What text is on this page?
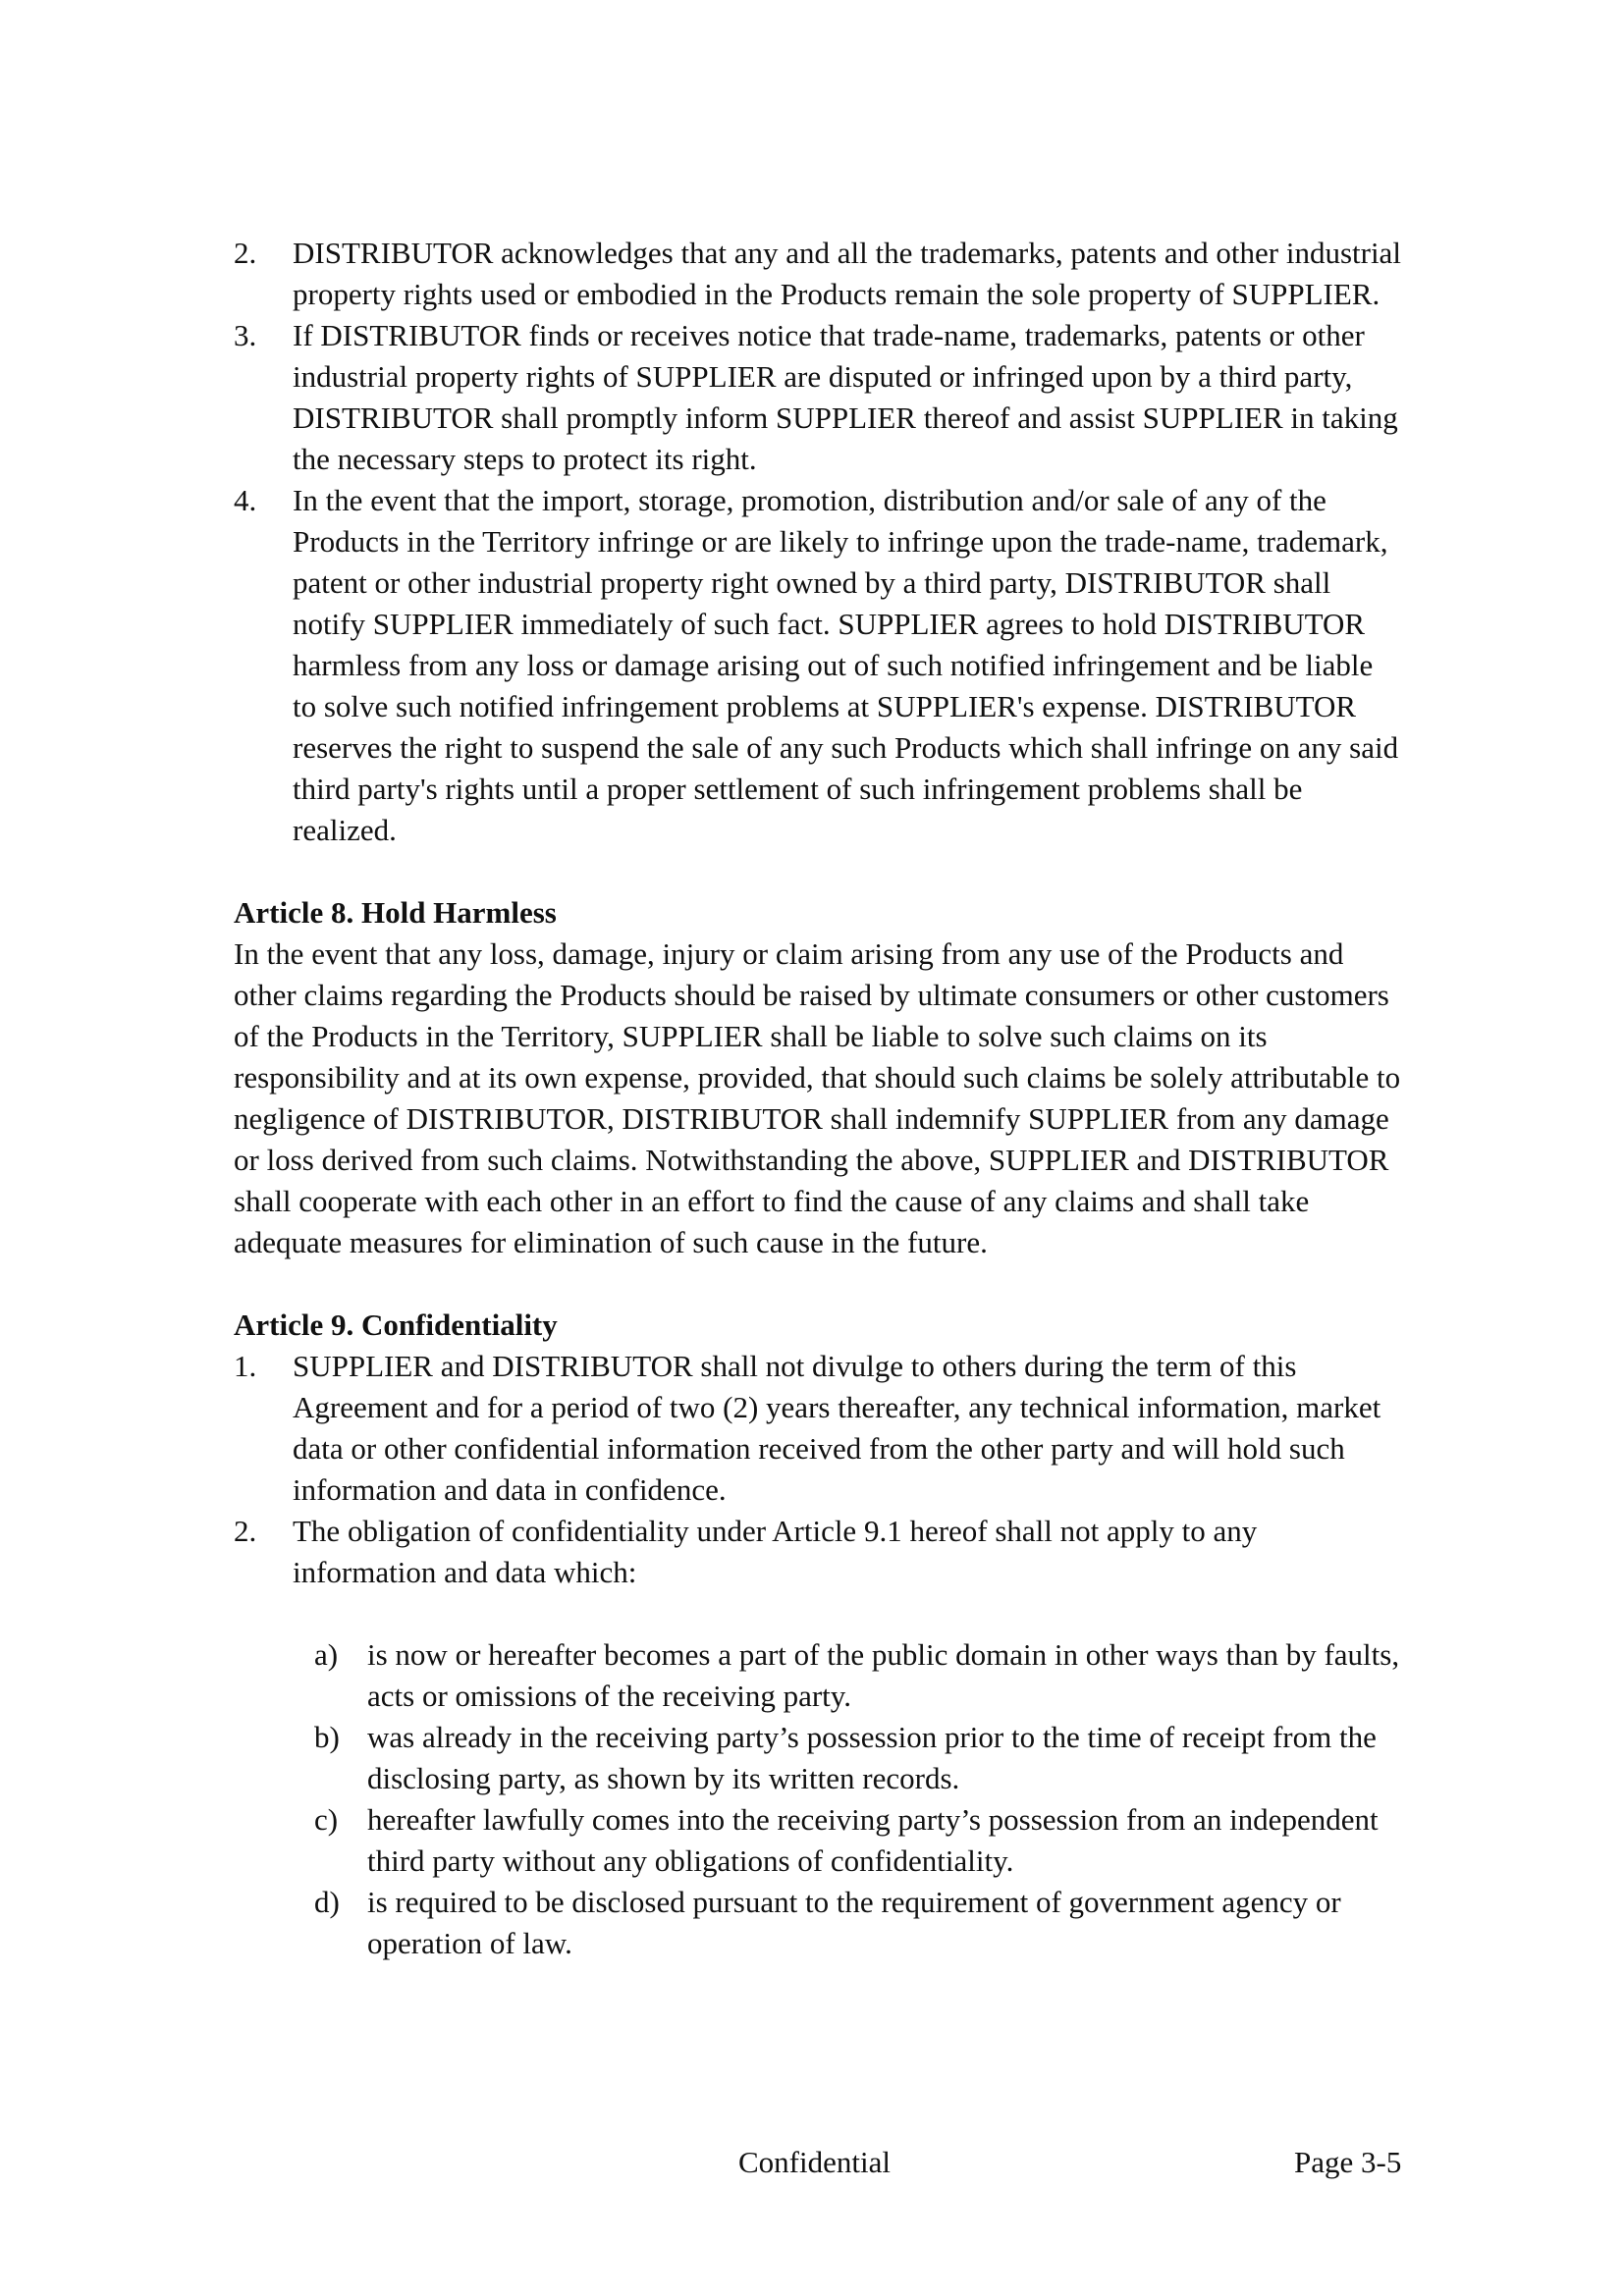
2.	DISTRIBUTOR acknowledges that any and all the trademarks, patents and other industrial property rights used or embodied in the Products remain the sole property of SUPPLIER.
3.	If DISTRIBUTOR finds or receives notice that trade-name, trademarks, patents or other industrial property rights of SUPPLIER are disputed or infringed upon by a third party, DISTRIBUTOR shall promptly inform SUPPLIER thereof and assist SUPPLIER in taking the necessary steps to protect its right.
4.	In the event that the import, storage, promotion, distribution and/or sale of any of the Products in the Territory infringe or are likely to infringe upon the trade-name, trademark, patent or other industrial property right owned by a third party, DISTRIBUTOR shall notify SUPPLIER immediately of such fact. SUPPLIER agrees to hold DISTRIBUTOR harmless from any loss or damage arising out of such notified infringement and be liable to solve such notified infringement problems at SUPPLIER's expense. DISTRIBUTOR reserves the right to suspend the sale of any such Products which shall infringe on any said third party's rights until a proper settlement of such infringement problems shall be realized.
Article 8. Hold Harmless
In the event that any loss, damage, injury or claim arising from any use of the Products and other claims regarding the Products should be raised by ultimate consumers or other customers of the Products in the Territory, SUPPLIER shall be liable to solve such claims on its responsibility and at its own expense, provided, that should such claims be solely attributable to negligence of DISTRIBUTOR, DISTRIBUTOR shall indemnify SUPPLIER from any damage or loss derived from such claims. Notwithstanding the above, SUPPLIER and DISTRIBUTOR shall cooperate with each other in an effort to find the cause of any claims and shall take adequate measures for elimination of such cause in the future.
Article 9. Confidentiality
1.	SUPPLIER and DISTRIBUTOR shall not divulge to others during the term of this Agreement and for a period of two (2) years thereafter, any technical information, market data or other confidential information received from the other party and will hold such information and data in confidence.
2.	The obligation of confidentiality under Article 9.1 hereof shall not apply to any information and data which:
a) is now or hereafter becomes a part of the public domain in other ways than by faults, acts or omissions of the receiving party.
b) was already in the receiving party’s possession prior to the time of receipt from the disclosing party, as shown by its written records.
c) hereafter lawfully comes into the receiving party’s possession from an independent third party without any obligations of confidentiality.
d) is required to be disclosed pursuant to the requirement of government agency or operation of law.
Confidential	Page 3-5
